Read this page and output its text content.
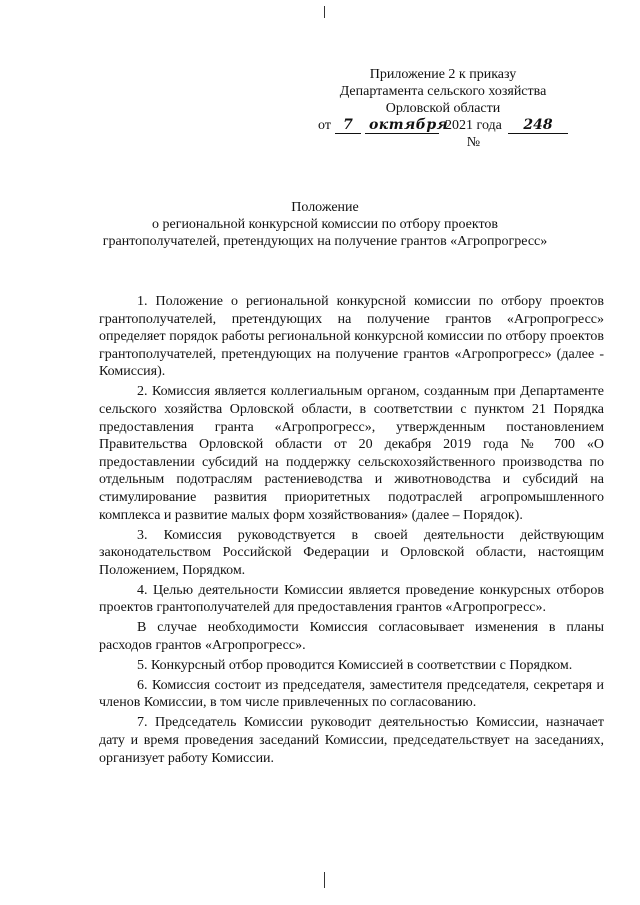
Приложение 2 к приказу
Департамента сельского хозяйства
Орловской области
от 7	октября
2021 года №
248
Положение
о региональной конкурсной комиссии по отбору проектов
грантополучателей, претендующих на получение грантов «Агропрогресс»

1. Положение о региональной конкурсной комиссии по отбору проектов грантополучателей, претендующих на получение грантов «Агропрогресс» определяет порядок работы региональной конкурсной комиссии по отбору проектов грантополучателей, претендующих на получение грантов «Агропрогресс» (далее - Комиссия).

2. Комиссия является коллегиальным органом, созданным при Департаменте сельского хозяйства Орловской области, в соответствии с пунктом 21 Порядка предоставления гранта «Агропрогресс», утвержденным постановлением Правительства Орловской области от 20 декабря 2019 года № 700 «О предоставлении субсидий на поддержку сельскохозяйственного производства по отдельным подотраслям растениеводства и животноводства и субсидий на стимулирование развития приоритетных подотраслей агропромышленного комплекса и развитие малых форм хозяйствования» (далее – Порядок).

3. Комиссия руководствуется в своей деятельности действующим законодательством Российской Федерации и Орловской области, настоящим Положением, Порядком.

4. Целью деятельности Комиссии является проведение конкурсных отборов проектов грантополучателей для предоставления грантов «Агропрогресс».

В случае необходимости Комиссия согласовывает изменения в планы расходов грантов «Агропрогресс».

5. Конкурсный отбор проводится Комиссией в соответствии с Порядком.

6. Комиссия состоит из председателя, заместителя председателя, секретаря и членов Комиссии, в том числе привлеченных по согласованию.

7. Председатель Комиссии руководит деятельностью Комиссии, назначает дату и время проведения заседаний Комиссии, председательствует на заседаниях, организует работу Комиссии.
